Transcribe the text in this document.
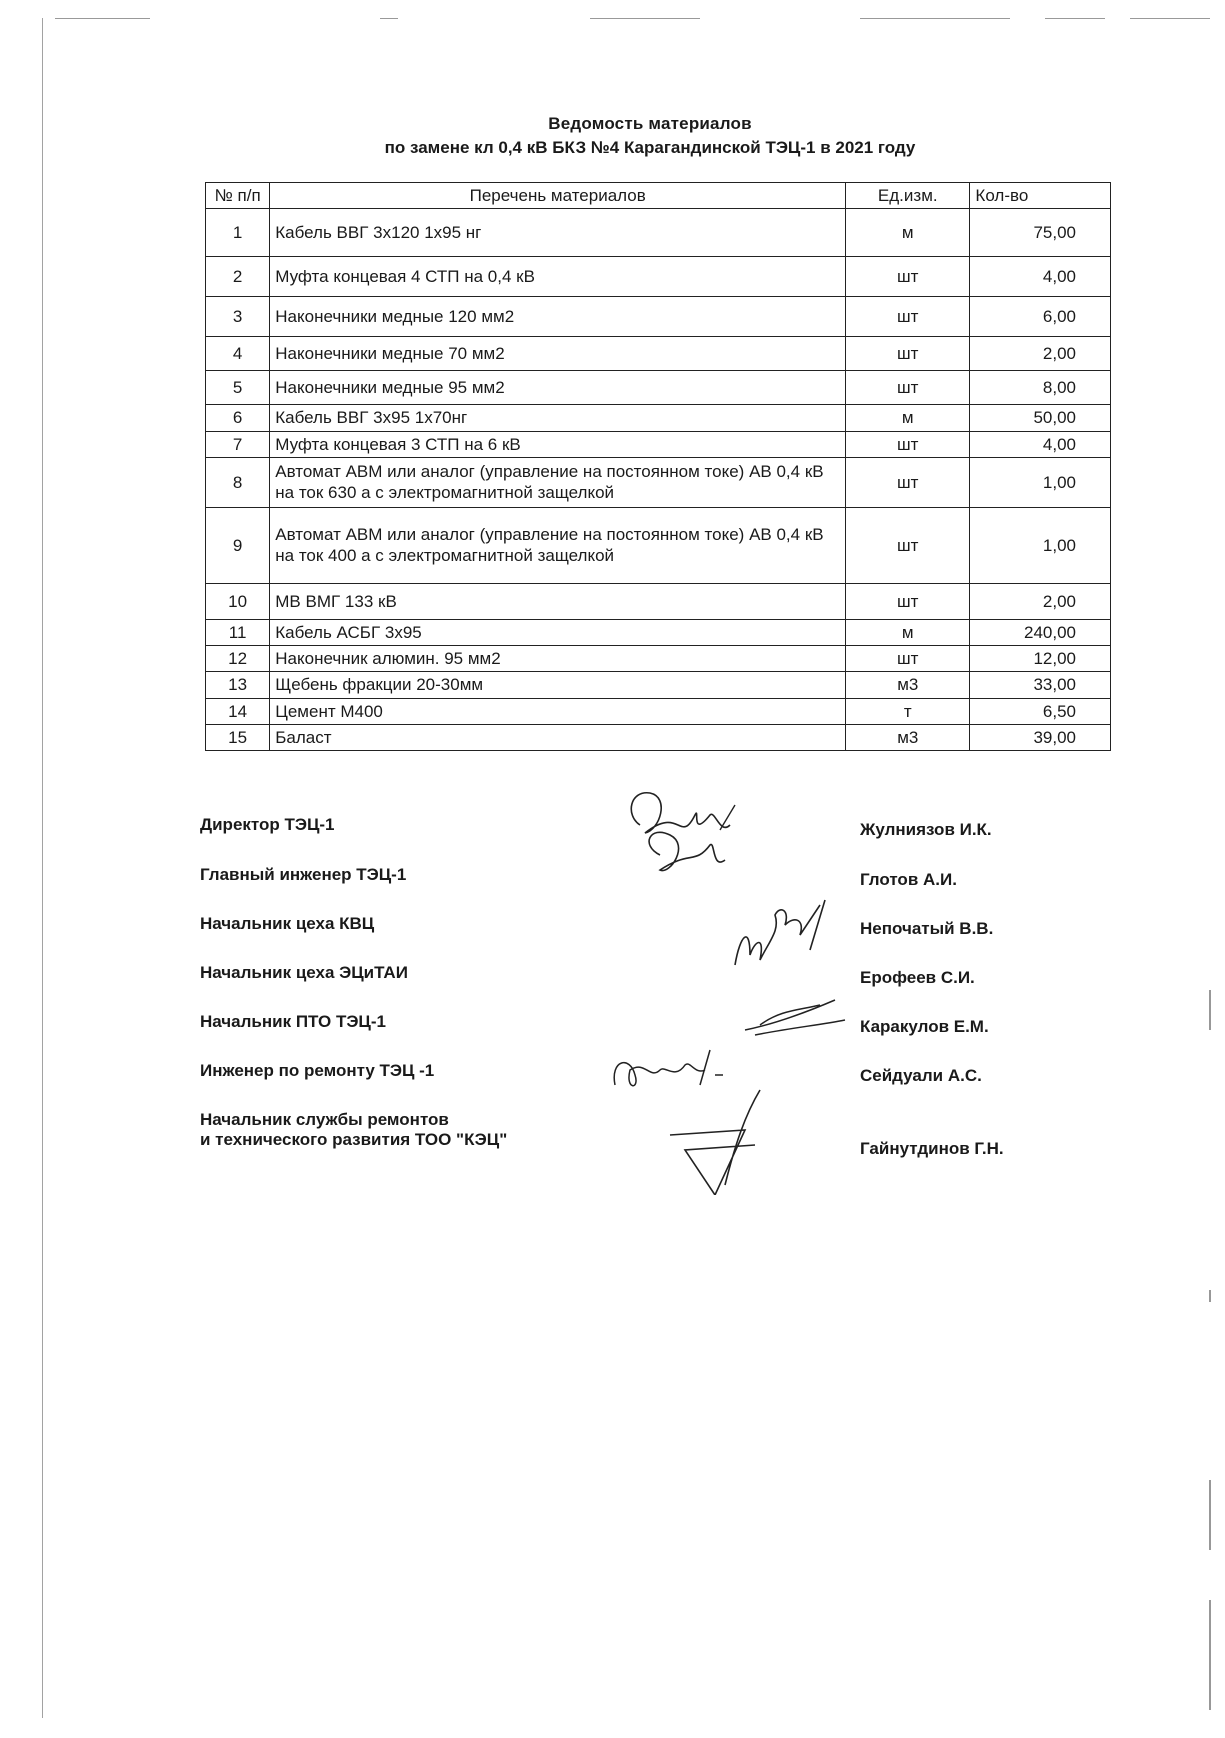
Ведомость материалов
по замене кл 0,4 кВ БКЗ №4 Карагандинской ТЭЦ-1 в 2021 году
№ п/п	Перечень материалов	Ед.изм.	Кол-во
1	Кабель ВВГ 3х120 1х95 нг	м	75,00
2	Муфта концевая 4 СТП на 0,4 кВ	шт	4,00
3	Наконечники медные 120 мм2	шт	6,00
4	Наконечники медные 70 мм2	шт	2,00
5	Наконечники медные 95 мм2	шт	8,00
6	Кабель ВВГ 3х95 1х70нг	м	50,00
7	Муфта концевая 3 СТП на 6 кВ	шт	4,00
8	Автомат АВМ или аналог (управление на постоянном токе) АВ 0,4 кВ на ток 630 а с электромагнитной защелкой	шт	1,00
9	Автомат АВМ или аналог (управление на постоянном токе) АВ 0,4 кВ на ток 400 а с электромагнитной защелкой	шт	1,00
10	МВ ВМГ 133 кВ	шт	2,00
11	Кабель АСБГ 3х95	м	240,00
12	Наконечник алюмин. 95 мм2	шт	12,00
13	Щебень фракции 20-30мм	м3	33,00
14	Цемент М400	т	6,50
15	Баласт	м3	39,00
Директор ТЭЦ-1	Жулниязов И.К.
Главный инженер ТЭЦ-1	Глотов А.И.
Начальник цеха КВЦ	Непочатый В.В.
Начальник цеха ЭЦиТАИ	Ерофеев С.И.
Начальник ПТО ТЭЦ-1	Каракулов Е.М.
Инженер по ремонту ТЭЦ -1	Сейдуали А.С.
Начальник службы ремонтов
и технического развития ТОО "КЭЦ"	Гайнутдинов Г.Н.
